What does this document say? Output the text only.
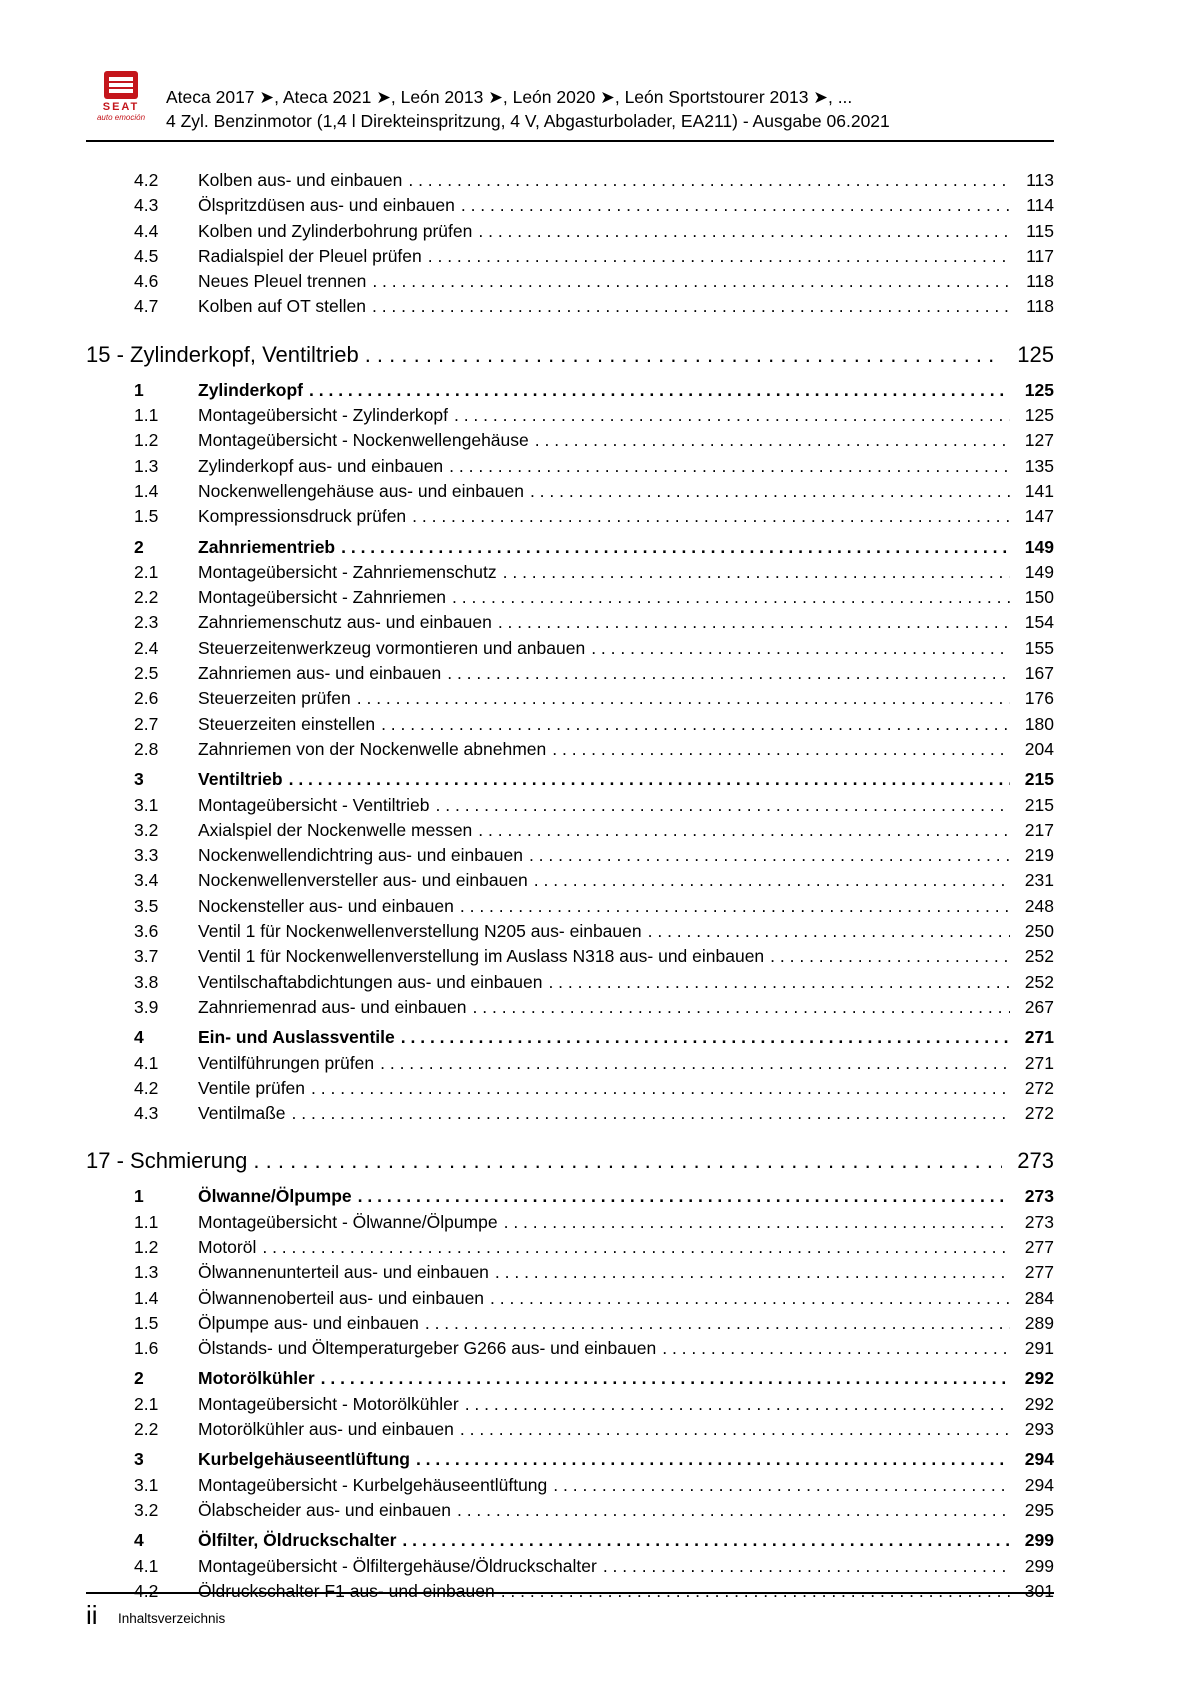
SEAT
auto emoción
Ateca 2017 ➤, Ateca 2021 ➤, León 2013 ➤, León 2020 ➤, León Sportstourer 2013 ➤, ...
4 Zyl. Benzinmotor (1,4 l Direkteinspritzung, 4 V, Abgasturbolader, EA211) - Ausgabe 06.2021
4.2	Kolben aus- und einbauen . . .	113
4.3	Ölspritzdüsen aus- und einbauen . . .	114
4.4	Kolben und Zylinderbohrung prüfen . . .	115
4.5	Radialspiel der Pleuel prüfen . . .	117
4.6	Neues Pleuel trennen . . .	118
4.7	Kolben auf OT stellen . . .	118
15 - Zylinderkopf, Ventiltrieb . . .	125
1	Zylinderkopf . . .	125
1.1	Montageübersicht - Zylinderkopf . . .	125
1.2	Montageübersicht - Nockenwellengehäuse . . .	127
1.3	Zylinderkopf aus- und einbauen . . .	135
1.4	Nockenwellengehäuse aus- und einbauen . . .	141
1.5	Kompressionsdruck prüfen . . .	147
2	Zahnriementrieb . . .	149
2.1	Montageübersicht - Zahnriemenschutz . . .	149
2.2	Montageübersicht - Zahnriemen . . .	150
2.3	Zahnriemenschutz aus- und einbauen . . .	154
2.4	Steuerzeitenwerkzeug vormontieren und anbauen . . .	155
2.5	Zahnriemen aus- und einbauen . . .	167
2.6	Steuerzeiten prüfen . . .	176
2.7	Steuerzeiten einstellen . . .	180
2.8	Zahnriemen von der Nockenwelle abnehmen . . .	204
3	Ventiltrieb . . .	215
3.1	Montageübersicht - Ventiltrieb . . .	215
3.2	Axialspiel der Nockenwelle messen . . .	217
3.3	Nockenwellendichtring aus- und einbauen . . .	219
3.4	Nockenwellenversteller aus- und einbauen . . .	231
3.5	Nockensteller aus- und einbauen . . .	248
3.6	Ventil 1 für Nockenwellenverstellung N205 aus- einbauen . . .	250
3.7	Ventil 1 für Nockenwellenverstellung im Auslass N318 aus- und einbauen . . .	252
3.8	Ventilschaftabdichtungen aus- und einbauen . . .	252
3.9	Zahnriemenrad aus- und einbauen . . .	267
4	Ein- und Auslassventile . . .	271
4.1	Ventilführungen prüfen . . .	271
4.2	Ventile prüfen . . .	272
4.3	Ventilmaße . . .	272
17 - Schmierung . . .	273
1	Ölwanne/Ölpumpe . . .	273
1.1	Montageübersicht - Ölwanne/Ölpumpe . . .	273
1.2	Motoröl . . .	277
1.3	Ölwannenunterteil aus- und einbauen . . .	277
1.4	Ölwannenoberteil aus- und einbauen . . .	284
1.5	Ölpumpe aus- und einbauen . . .	289
1.6	Ölstands- und Öltemperaturgeber G266 aus- und einbauen . . .	291
2	Motorölkühler . . .	292
2.1	Montageübersicht - Motorölkühler . . .	292
2.2	Motorölkühler aus- und einbauen . . .	293
3	Kurbelgehäuseentlüftung . . .	294
3.1	Montageübersicht - Kurbelgehäuseentlüftung . . .	294
3.2	Ölabscheider aus- und einbauen . . .	295
4	Ölfilter, Öldruckschalter . . .	299
4.1	Montageübersicht - Ölfiltergehäuse/Öldruckschalter . . .	299
4.2	Öldruckschalter F1 aus- und einbauen . . .	301
ii Inhaltsverzeichnis
